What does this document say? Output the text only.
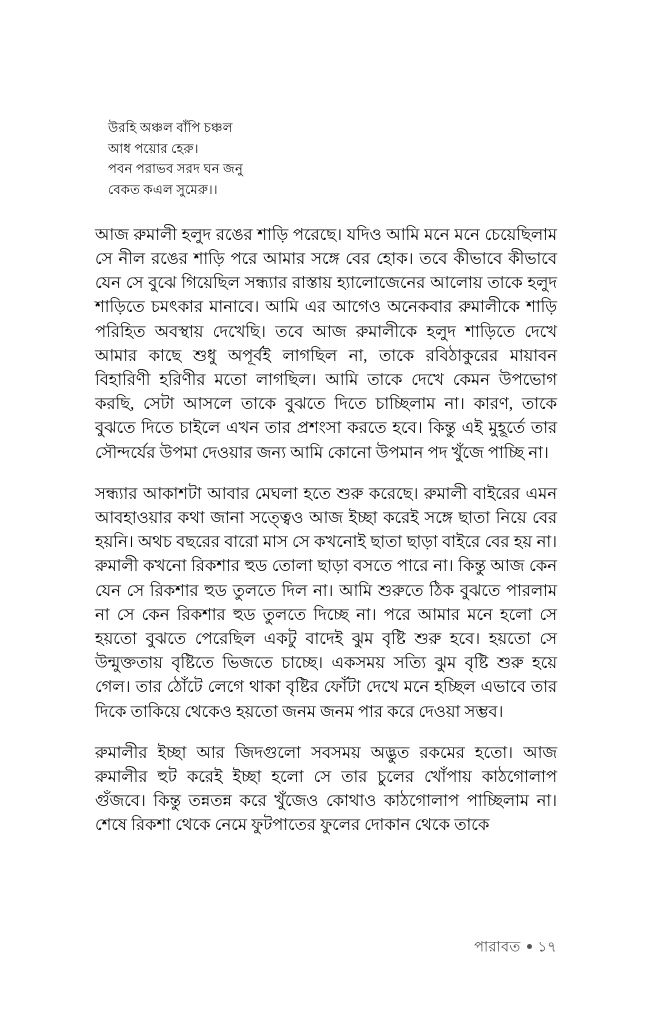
উরহি অঞ্চল বাঁপি চঞ্চল
আধ পয়োর হেরু।
পবন পরাভব সরদ ঘন জনু
বেকত কএল সুমেরু।।

আজ রুমালী হলুদ রঙের শাড়ি পরেছে। যদিও আমি মনে মনে চেয়েছিলাম সে নীল রঙের শাড়ি পরে আমার সঙ্গে বের হোক। তবে কীভাবে কীভাবে যেন সে বুঝে গিয়েছিল সন্ধ্যার রাস্তায় হ্যালোজেনের আলোয় তাকে হলুদ শাড়িতে চমৎকার মানাবে। আমি এর আগেও অনেকবার রুমালীকে শাড়ি পরিহিত অবস্থায় দেখেছি। তবে আজ রুমালীকে হলুদ শাড়িতে দেখে আমার কাছে শুধু অপূর্বই লাগছিল না, তাকে রবিঠাকুরের মায়াবন বিহারিণী হরিণীর মতো লাগছিল। আমি তাকে দেখে কেমন উপভোগ করছি, সেটা আসলে তাকে বুঝতে দিতে চাচ্ছিলাম না। কারণ, তাকে বুঝতে দিতে চাইলে এখন তার প্রশংসা করতে হবে। কিন্তু এই মুহূর্তে তার সৌন্দর্যের উপমা দেওয়ার জন্য আমি কোনো উপমান পদ খুঁজে পাচ্ছি না।

সন্ধ্যার আকাশটা আবার মেঘলা হতে শুরু করেছে। রুমালী বাইরের এমন আবহাওয়ার কথা জানা সত্ত্বেও আজ ইচ্ছা করেই সঙ্গে ছাতা নিয়ে বের হয়নি। অথচ বছরের বারো মাস সে কখনোই ছাতা ছাড়া বাইরে বের হয় না। রুমালী কখনো রিকশার হুড তোলা ছাড়া বসতে পারে না। কিন্তু আজ কেন যেন সে রিকশার হুড তুলতে দিল না। আমি শুরুতে ঠিক বুঝতে পারলাম না সে কেন রিকশার হুড তুলতে দিচ্ছে না। পরে আমার মনে হলো সে হয়তো বুঝতে পেরেছিল একটু বাদেই ঝুম বৃষ্টি শুরু হবে। হয়তো সে উন্মুক্ততায় বৃষ্টিতে ভিজতে চাচ্ছে। একসময় সত্যি ঝুম বৃষ্টি শুরু হয়ে গেল। তার ঠোঁটে লেগে থাকা বৃষ্টির ফোঁটা দেখে মনে হচ্ছিল এভাবে তার দিকে তাকিয়ে থেকেও হয়তো জনম জনম পার করে দেওয়া সম্ভব।

রুমালীর ইচ্ছা আর জিদগুলো সবসময় অদ্ভুত রকমের হতো। আজ রুমালীর হুট করেই ইচ্ছা হলো সে তার চুলের খোঁপায় কাঠগোলাপ গুঁজবে। কিন্তু তন্নতন্ন করে খুঁজেও কোথাও কাঠগোলাপ পাচ্ছিলাম না। শেষে রিকশা থেকে নেমে ফুটপাতের ফুলের দোকান থেকে তাকে

পারাবত ১৭
